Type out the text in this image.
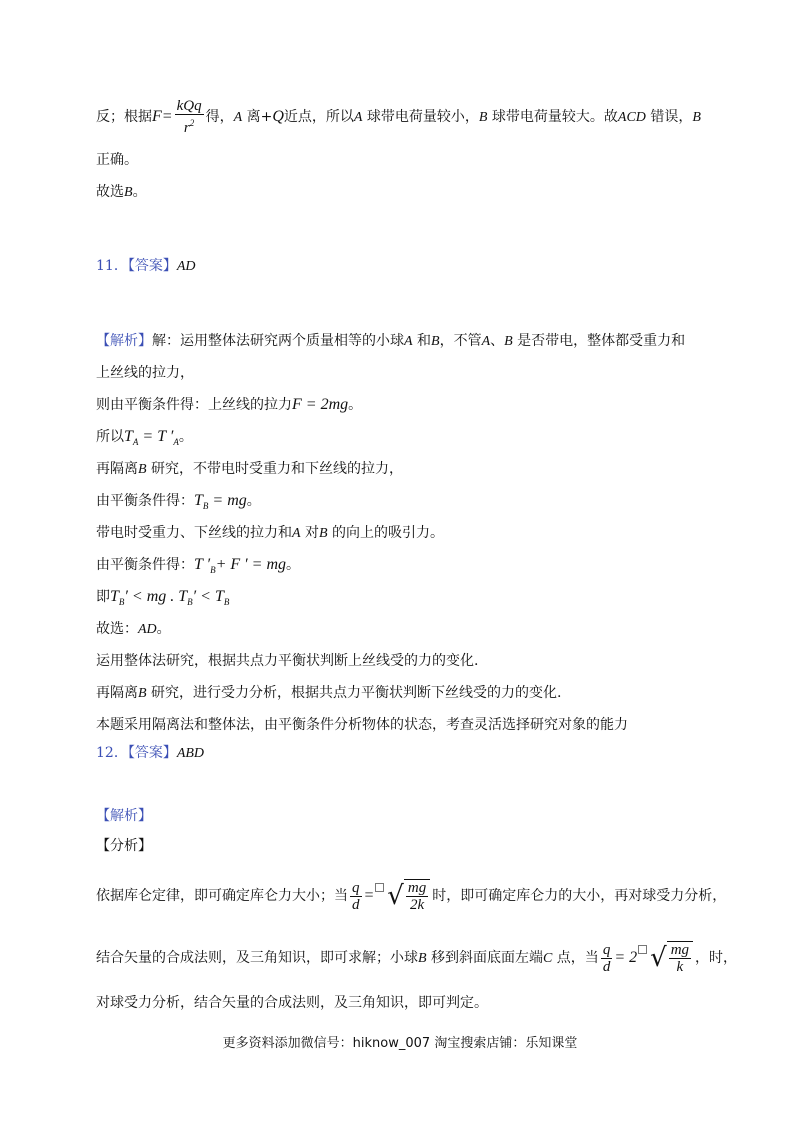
反；根据$F= \frac{\text{kQq}}{r^2}$ 得，A 离+Q近点，所以A 球带电荷量较小，B 球带电荷量较大。故ACD 错误，B
正确。
故选B。
11．【答案】AD
【解析】解：运用整体法研究两个质量相等的小球A 和B，不管A、B 是否带电，整体都受重力和
上丝线的拉力，
则由平衡条件得：上丝线的拉力F = 2mg。
所以$T_A = T$ $'_A$。
再隔离B 研究，不带电时受重力和下丝线的拉力，
由平衡条件得：$T_B$ = mg。
带电时受重力、下丝线的拉力和A 对B 的向上的吸引力。
由平衡条件得：T $'_B+ F$ ′ = mg。
即$T_B'$ < mg . $T_B' < T_B$
故选：AD。
运用整体法研究，根据共点力平衡状判断上丝线受的力的变化.
再隔离B 研究，进行受力分析，根据共点力平衡状判断下丝线受的力的变化.
本题采用隔离法和整体法，由平衡条件分析物体的状态，考查灵活选择研究对象的能力
12．【答案】ABD
【解析】
【分析】
依据库仑定律，即可确定库仑力大小；当 $\frac{q}{d}$ = √ $\frac{mg}{2k}$ 时，即可确定库仑力的大小，再对球受力分析，
结合矢量的合成法则，及三角知识，即可求解；小球B 移到斜面底面左端C 点，当 $\frac{q}{d} = 2$ √ $\frac{mg}{k}$ ，时，
对球受力分析，结合矢量的合成法则，及三角知识，即可判定。
更多资料添加微信号：hiknow_007 淘宝搜索店铺：乐知课堂
